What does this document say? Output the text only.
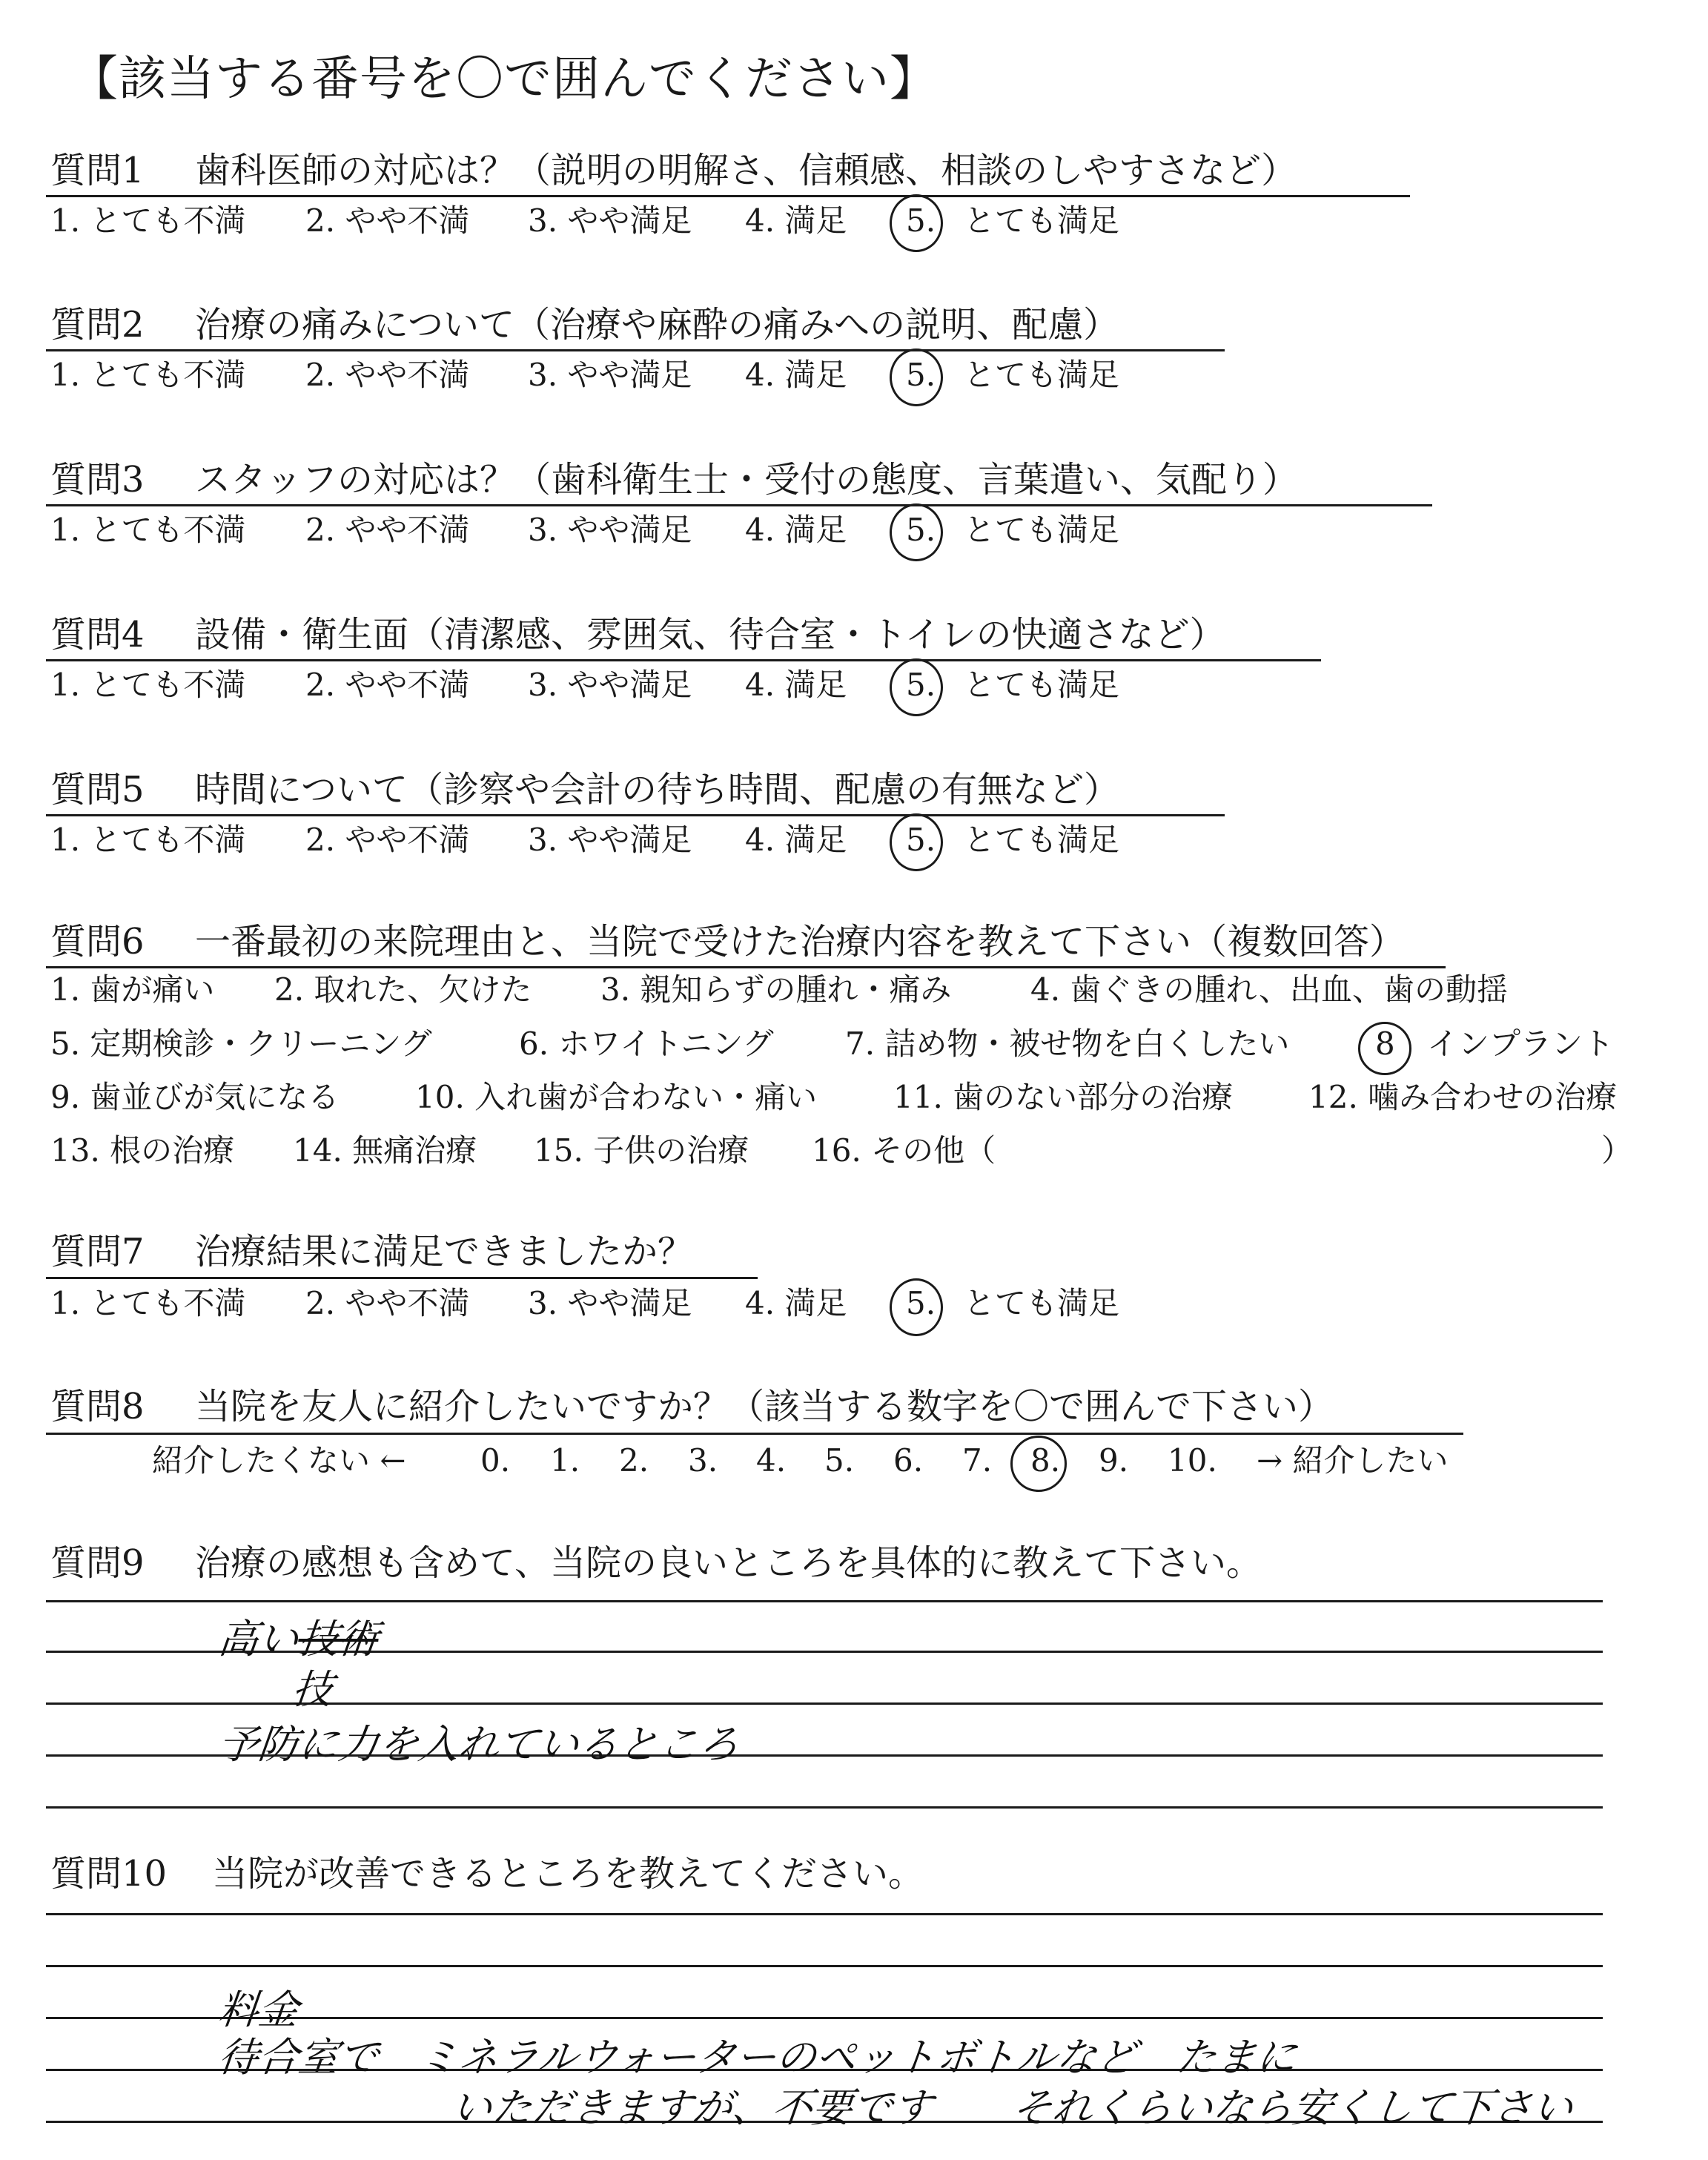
【該当する番号を〇で囲んでください】
質問1 歯科医師の対応は？（説明の明解さ、信頼感、相談のしやすさなど）
1. とても不満 2. やや不満 3. やや満足 4. 満足 5. とても満足
質問2 治療の痛みについて（治療や麻酔の痛みへの説明、配慮）
1. とても不満 2. やや不満 3. やや満足 4. 満足 5. とても満足
質問3 スタッフの対応は？（歯科衛生士・受付の態度、言葉遣い、気配り）
1. とても不満 2. やや不満 3. やや満足 4. 満足 5. とても満足
質問4 設備・衛生面（清潔感、雰囲気、待合室・トイレの快適さなど）
1. とても不満 2. やや不満 3. やや満足 4. 満足 5. とても満足
質問5 時間について（診察や会計の待ち時間、配慮の有無など）
1. とても不満 2. やや不満 3. やや満足 4. 満足 5. とても満足
質問6 一番最初の来院理由と、当院で受けた治療内容を教えて下さい（複数回答）
1. 歯が痛い 2. 取れた、欠けた 3. 親知らずの腫れ・痛み	4. 歯ぐきの腫れ、出血、歯の動揺
5. 定期検診・クリーニング	6. ホワイトニング 7. 詰め物・被せ物を白くしたい	8 インプラント
9. 歯並びが気になる 10. 入れ歯が合わない・痛い 11. 歯のない部分の治療 12. 噛み合わせの治療
13. 根の治療 14. 無痛治療 15. 子供の治療 16. その他（	）
質問7 治療結果に満足できましたか？
1. とても不満 2. やや不満 3. やや満足 4. 満足 5. とても満足
質問8 当院を友人に紹介したいですか？（該当する数字を〇で囲んで下さい）
紹介したくない ← 0. 1. 2. 3. 4. 5. 6. 7. 8. 9. 10. → 紹介したい
質問9 治療の感想も含めて、当院の良いところを具体的に教えて下さい。
高い技術
技
予防に力を入れているところ
質問10 当院が改善できるところを教えてください。
料金
待合室で　ミネラルウォーターのペットボトルなど　たまに
いただきますが、不要です　　それくらいなら安くして下さい
